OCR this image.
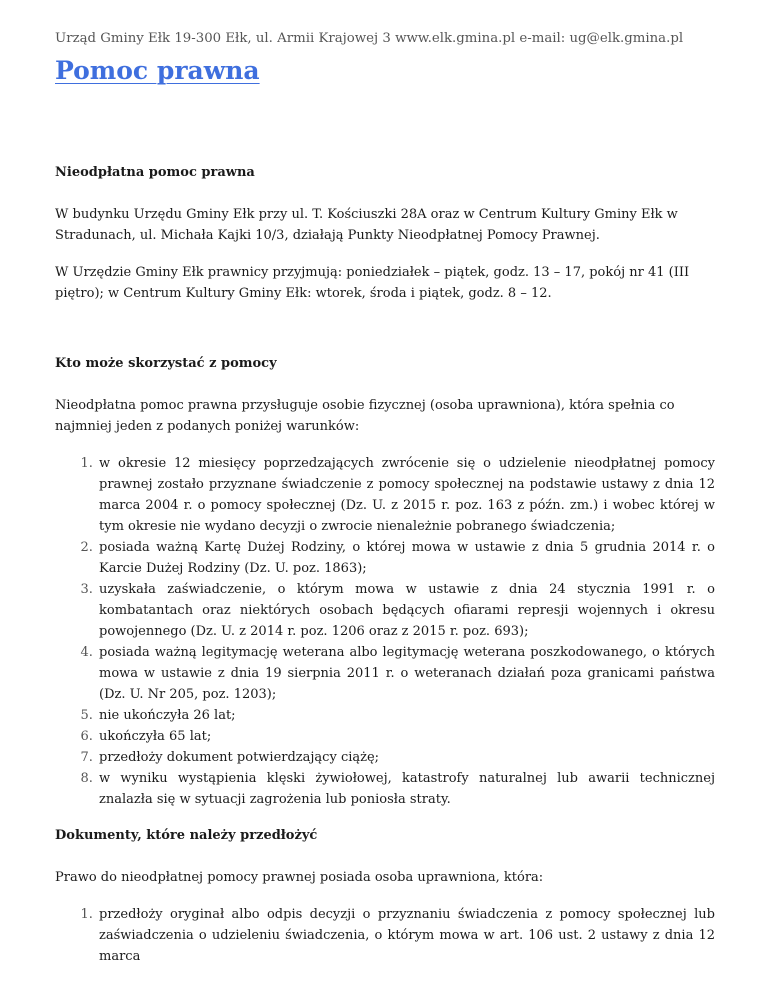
Urząd Gminy Ełk 19-300 Ełk, ul. Armii Krajowej 3 www.elk.gmina.pl e-mail: ug@elk.gmina.pl
Pomoc prawna
Nieodpłatna pomoc prawna

W budynku Urzędu Gminy Ełk przy ul. T. Kościuszki 28A oraz w Centrum Kultury Gminy Ełk w Stradunach, ul. Michała Kajki 10/3, działają Punkty Nieodpłatnej Pomocy Prawnej.

W Urzędzie Gminy Ełk prawnicy przyjmują: poniedziałek – piątek, godz. 13 – 17, pokój nr 41 (III piętro); w Centrum Kultury Gminy Ełk: wtorek, środa i piątek, godz. 8 – 12.

Kto może skorzystać z pomocy

Nieodpłatna pomoc prawna przysługuje osobie fizycznej (osoba uprawniona), która spełnia co najmniej jeden z podanych poniżej warunków:

1. w okresie 12 miesięcy poprzedzających zwrócenie się o udzielenie nieodpłatnej pomocy prawnej zostało przyznane świadczenie z pomocy społecznej na podstawie ustawy z dnia 12 marca 2004 r. o pomocy społecznej (Dz. U. z 2015 r. poz. 163 z późn. zm.) i wobec której w tym okresie nie wydano decyzji o zwrocie nienależnie pobranego świadczenia;
2. posiada ważną Kartę Dużej Rodziny, o której mowa w ustawie z dnia 5 grudnia 2014 r. o Karcie Dużej Rodziny (Dz. U. poz. 1863);
3. uzyskała zaświadczenie, o którym mowa w ustawie z dnia 24 stycznia 1991 r. o kombatantach oraz niektórych osobach będących ofiarami represji wojennych i okresu powojennego (Dz. U. z 2014 r. poz. 1206 oraz z 2015 r. poz. 693);
4. posiada ważną legitymację weterana albo legitymację weterana poszkodowanego, o których mowa w ustawie z dnia 19 sierpnia 2011 r. o weteranach działań poza granicami państwa (Dz. U. Nr 205, poz. 1203);
5. nie ukończyła 26 lat;
6. ukończyła 65 lat;
7. przedłoży dokument potwierdzający ciążę;
8. w wyniku wystąpienia klęski żywiołowej, katastrofy naturalnej lub awarii technicznej znalazła się w sytuacji zagrożenia lub poniosła straty.
Dokumenty, które należy przedłożyć

Prawo do nieodpłatnej pomocy prawnej posiada osoba uprawniona, która:

1. przedłoży oryginał albo odpis decyzji o przyznaniu świadczenia z pomocy społecznej lub zaświadczenia o udzieleniu świadczenia, o którym mowa w art. 106 ust. 2 ustawy z dnia 12 marca
